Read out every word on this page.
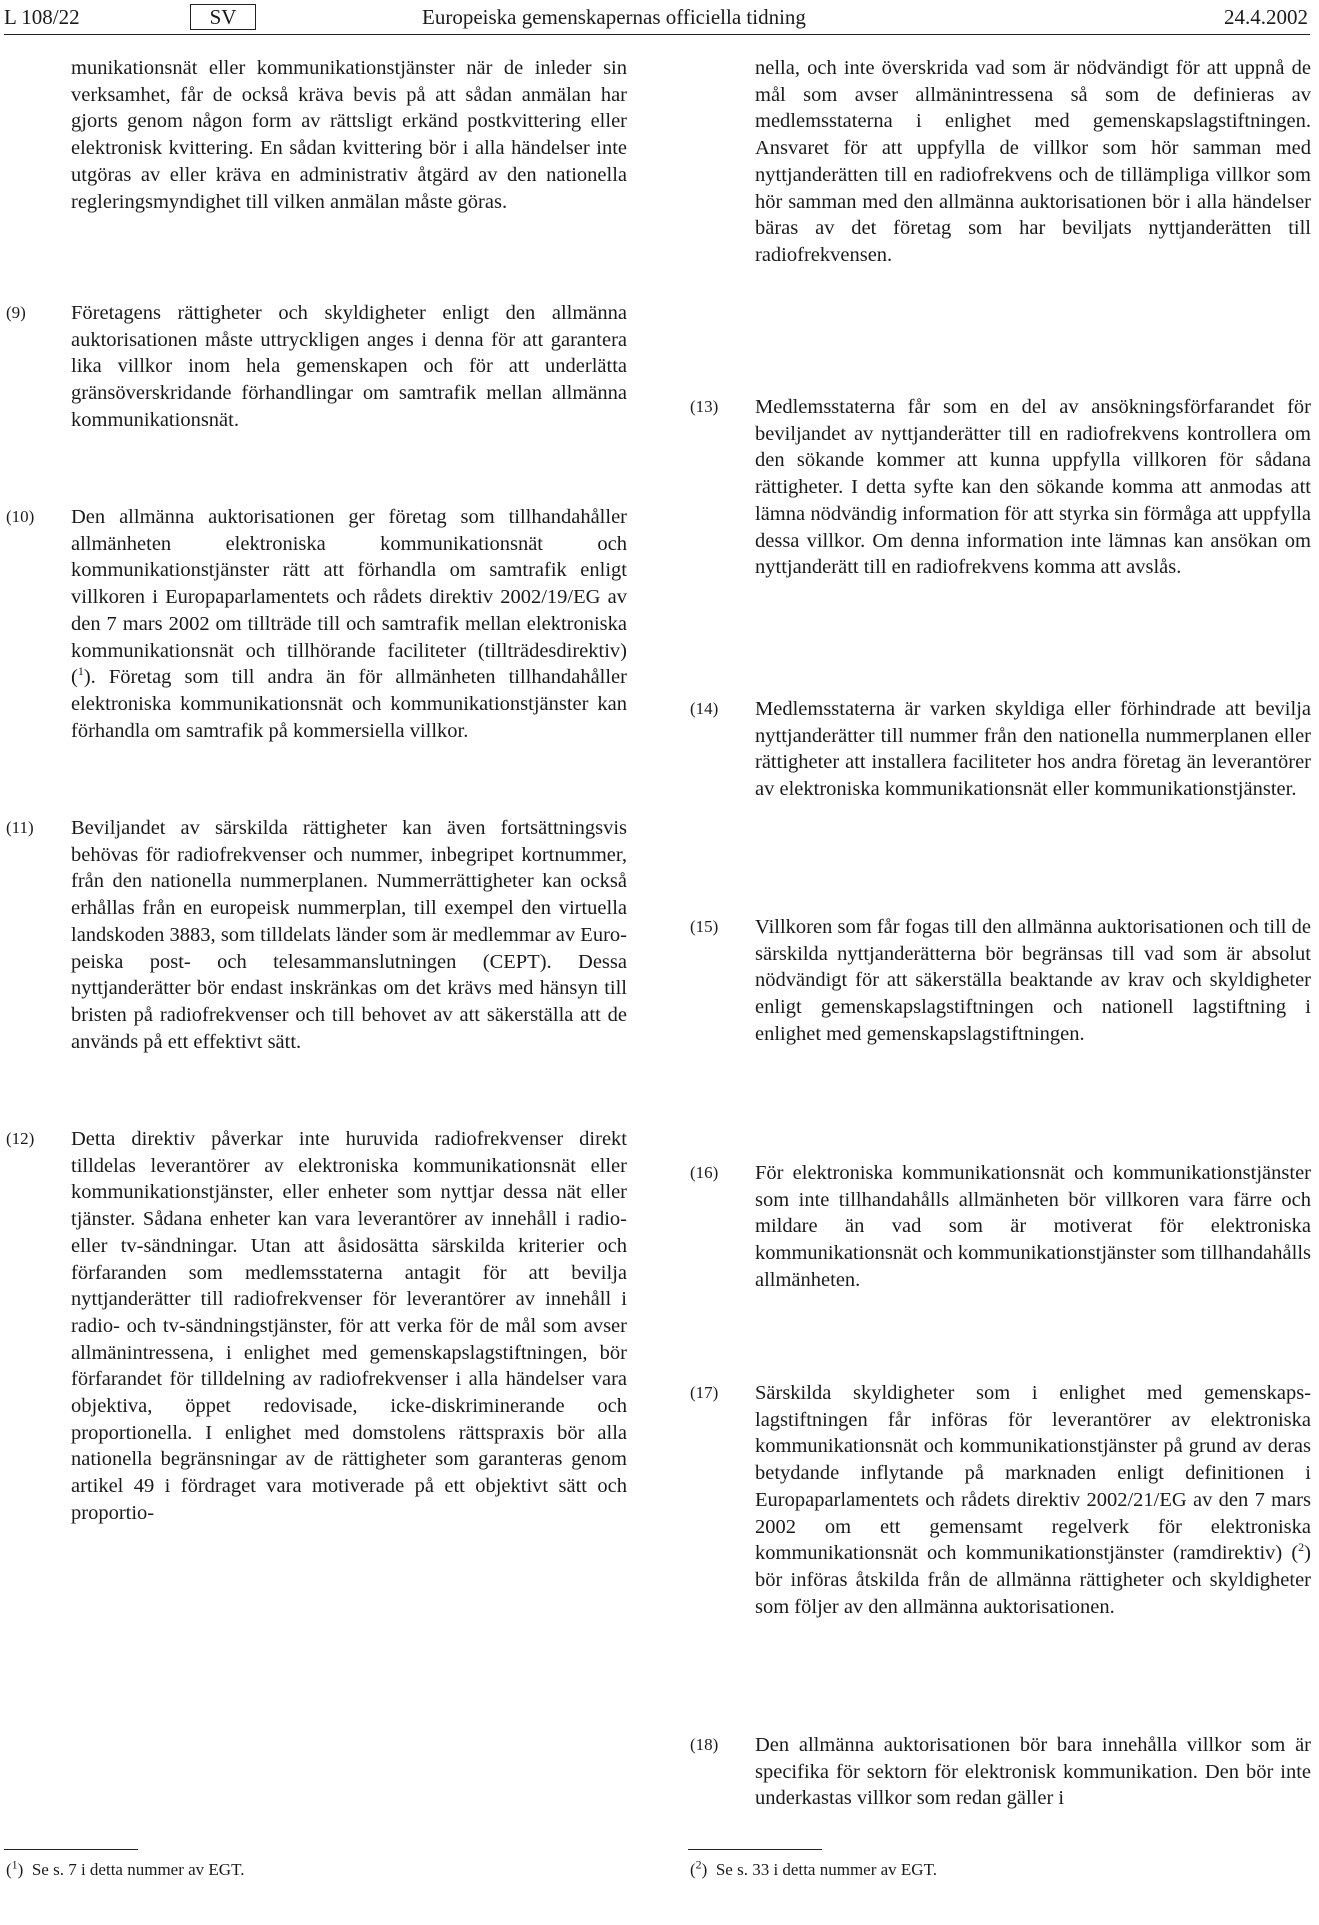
L 108/22	SV	Europeiska gemenskapernas officiella tidning	24.4.2002
munikationsnät eller kommunikationstjänster när de inleder sin verksamhet, får de också kräva bevis på att sådan anmälan har gjorts genom någon form av rättsligt erkänd postkvittering eller elektronisk kvittering. En sådan kvittering bör i alla händelser inte utgöras av eller kräva en administrativ åtgärd av den nationella regleringsmyndighet till vilken anmälan måste göras.
(9) Företagens rättigheter och skyldigheter enligt den allmänna auktorisationen måste uttryckligen anges i denna för att garantera lika villkor inom hela gemenskapen och för att underlätta gränsöverskridande förhandlingar om samtrafik mellan allmänna kommunikationsnät.
(10) Den allmänna auktorisationen ger företag som tillhandahåller allmänheten elektroniska kommunikationsnät och kommunikationstjänster rätt att förhandla om samtrafik enligt villkoren i Europaparlamentets och rådets direktiv 2002/19/EG av den 7 mars 2002 om tillträde till och samtrafik mellan elektroniska kommunikationsnät och tillhörande faciliteter (tillträdesdirektiv) ($^1$). Företag som till andra än för allmänheten tillhandahåller elektroniska kommunikationsnät och kommunikationstjänster kan förhandla om samtrafik på kommersiella villkor.
(11) Beviljandet av särskilda rättigheter kan även fortsättningsvis behövas för radiofrekvenser och nummer, inbegripet kortnummer, från den nationella nummerplanen. Nummerrättigheter kan också erhållas från en europeisk nummerplan, till exempel den virtuella landskoden 3883, som tilldelats länder som är medlemmar av Europeiska post- och telesammanslutningen (CEPT). Dessa nyttjanderätter bör endast inskränkas om det krävs med hänsyn till bristen på radiofrekvenser och till behovet av att säkerställa att de används på ett effektivt sätt.
(12) Detta direktiv påverkar inte huruvida radiofrekvenser direkt tilldelas leverantörer av elektroniska kommunikationsnät eller kommunikationstjänster, eller enheter som nyttjar dessa nät eller tjänster. Sådana enheter kan vara leverantörer av innehåll i radio- eller tv-sändningar. Utan att åsidosätta särskilda kriterier och förfaranden som medlemsstaterna antagit för att bevilja nyttjanderätter till radiofrekvenser för leverantörer av innehåll i radio- och tv-sändningstjänster, för att verka för de mål som avser allmänintressena, i enlighet med gemenskapslagstiftningen, bör förfarandet för tilldelning av radiofrekvenser i alla händelser vara objektiva, öppet redovisade, icke-diskriminerande och proportionella. I enlighet med domstolens rättspraxis bör alla nationella begränsningar av de rättigheter som garanteras genom artikel 49 i fördraget vara motiverade på ett objektivt sätt och proportio-
($^1$)  Se s. 7 i detta nummer av EGT.
nella, och inte överskrida vad som är nödvändigt för att uppnå de mål som avser allmänintressena så som de definieras av medlemsstaterna i enlighet med gemenskapslagstiftningen. Ansvaret för att uppfylla de villkor som hör samman med nyttjanderätten till en radiofrekvens och de tillämpliga villkor som hör samman med den allmänna auktorisationen bör i alla händelser bäras av det företag som har beviljats nyttjanderätten till radiofrekvensen.
(13) Medlemsstaterna får som en del av ansökningsförfarandet för beviljandet av nyttjanderätter till en radiofrekvens kontrollera om den sökande kommer att kunna uppfylla villkoren för sådana rättigheter. I detta syfte kan den sökande komma att anmodas att lämna nödvändig information för att styrka sin förmåga att uppfylla dessa villkor. Om denna information inte lämnas kan ansökan om nyttjanderätt till en radiofrekvens komma att avslås.
(14) Medlemsstaterna är varken skyldiga eller förhindrade att bevilja nyttjanderätter till nummer från den nationella nummerplanen eller rättigheter att installera faciliteter hos andra företag än leverantörer av elektroniska kommunikationsnät eller kommunikationstjänster.
(15) Villkoren som får fogas till den allmänna auktorisationen och till de särskilda nyttjanderätterna bör begränsas till vad som är absolut nödvändigt för att säkerställa beaktande av krav och skyldigheter enligt gemenskapslagstiftningen och nationell lagstiftning i enlighet med gemenskapslagstiftningen.
(16) För elektroniska kommunikationsnät och kommunikationstjänster som inte tillhandahålls allmänheten bör villkoren vara färre och mildare än vad som är motiverat för elektroniska kommunikationsnät och kommunikationstjänster som tillhandahålls allmänheten.
(17) Särskilda skyldigheter som i enlighet med gemenskapslagstiftningen får införas för leverantörer av elektroniska kommunikationsnät och kommunikationstjänster på grund av deras betydande inflytande på marknaden enligt definitionen i Europaparlamentets och rådets direktiv 2002/21/EG av den 7 mars 2002 om ett gemensamt regelverk för elektroniska kommunikationsnät och kommunikationstjänster (ramdirektiv) ($^2$) bör införas åtskilda från de allmänna rättigheter och skyldigheter som följer av den allmänna auktorisationen.
(18) Den allmänna auktorisationen bör bara innehålla villkor som är specifika för sektorn för elektronisk kommunikation. Den bör inte underkastas villkor som redan gäller i
($^2$)  Se s. 33 i detta nummer av EGT.
